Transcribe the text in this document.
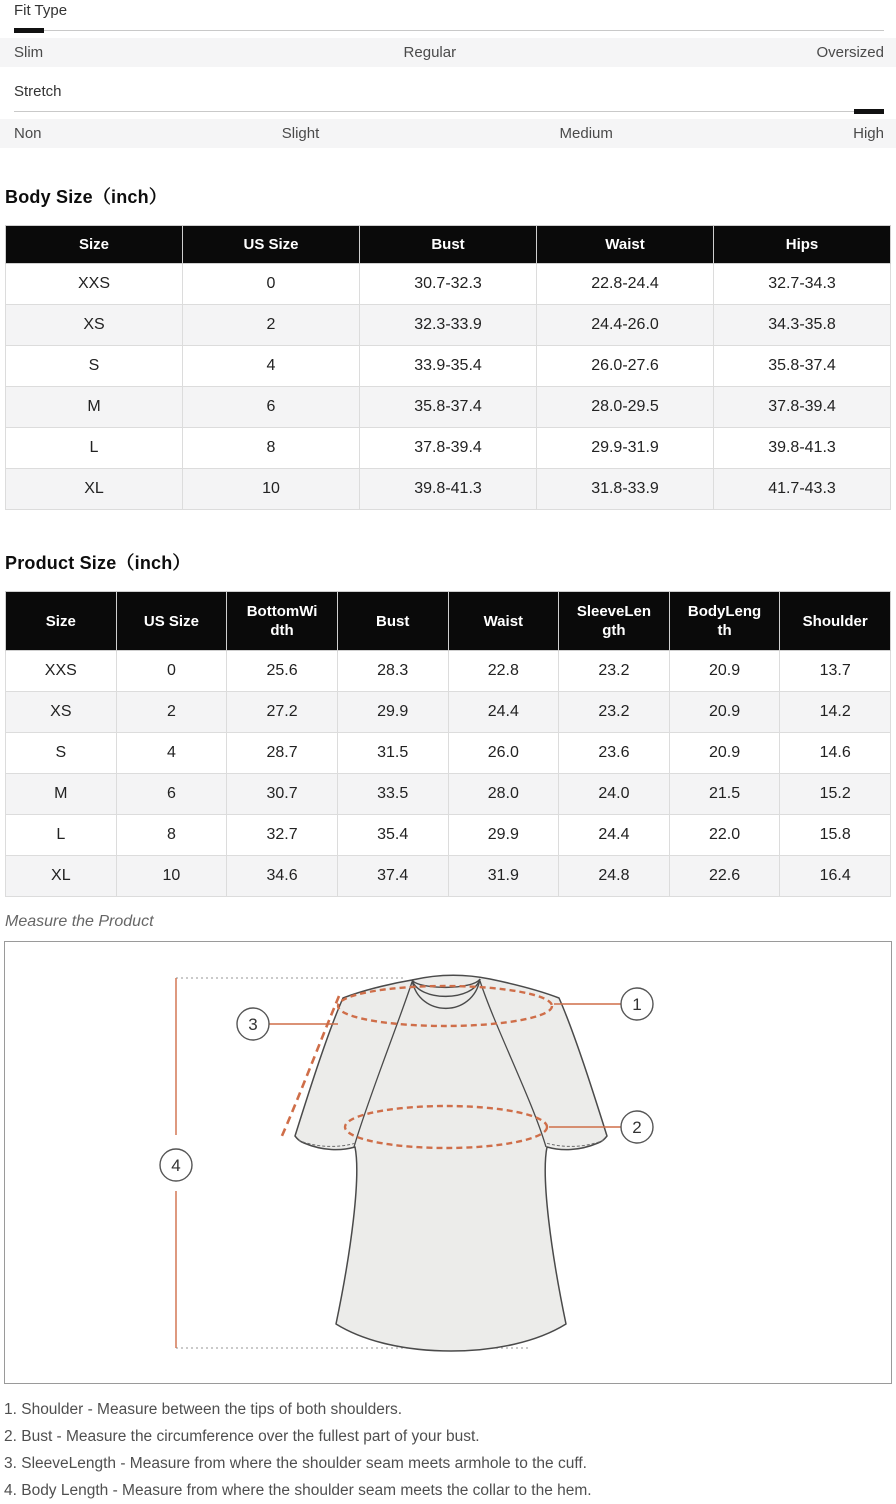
Fit Type
Slim	Regular	Oversized
Stretch
Non	Slight	Medium	High
Body Size（inch）
Size	US Size	Bust	Waist	Hips
XXS	0	30.7-32.3	22.8-24.4	32.7-34.3
XS	2	32.3-33.9	24.4-26.0	34.3-35.8
S	4	33.9-35.4	26.0-27.6	35.8-37.4
M	6	35.8-37.4	28.0-29.5	37.8-39.4
L	8	37.8-39.4	29.9-31.9	39.8-41.3
XL	10	39.8-41.3	31.8-33.9	41.7-43.3
Product Size（inch）
Size	US Size	BottomWidth	Bust	Waist	SleeveLength	BodyLength	Shoulder
XXS	0	25.6	28.3	22.8	23.2	20.9	13.7
XS	2	27.2	29.9	24.4	23.2	20.9	14.2
S	4	28.7	31.5	26.0	23.6	20.9	14.6
M	6	30.7	33.5	28.0	24.0	21.5	15.2
L	8	32.7	35.4	29.9	24.4	22.0	15.8
XL	10	34.6	37.4	31.9	24.8	22.6	16.4
Measure the Product
1
2
3
4
1. Shoulder - Measure between the tips of both shoulders.
2. Bust - Measure the circumference over the fullest part of your bust.
3. SleeveLength - Measure from where the shoulder seam meets armhole to the cuff.
4. Body Length - Measure from where the shoulder seam meets the collar to the hem.
